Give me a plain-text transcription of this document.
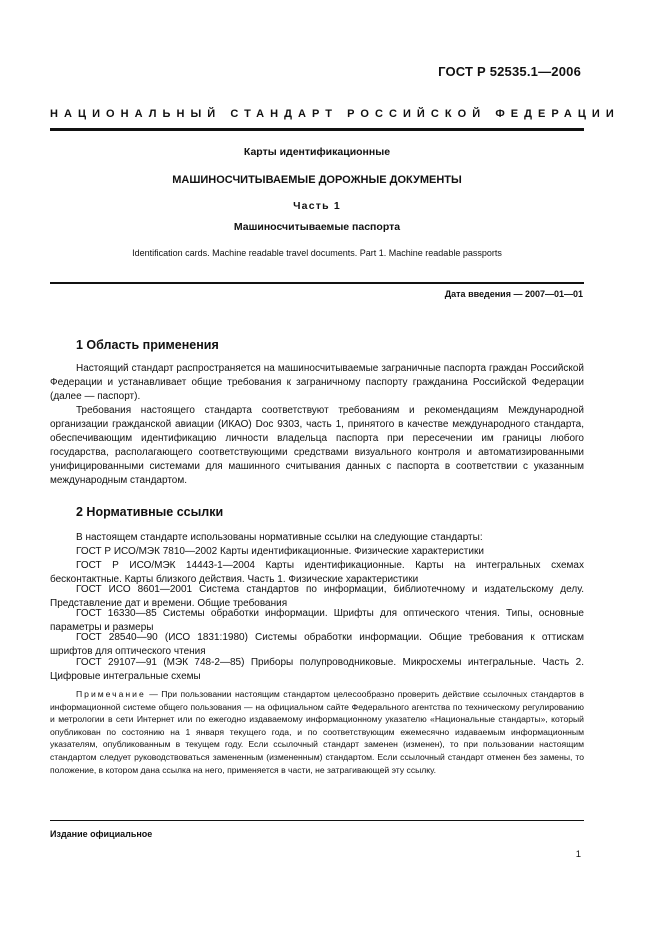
ГОСТ Р 52535.1—2006
НАЦИОНАЛЬНЫЙ СТАНДАРТ РОССИЙСКОЙ ФЕДЕРАЦИИ
Карты идентификационные
МАШИНОСЧИТЫВАЕМЫЕ ДОРОЖНЫЕ ДОКУМЕНТЫ
Часть 1
Машиносчитываемые паспорта
Identification cards. Machine readable travel documents. Part 1. Machine readable passports
Дата введения — 2007—01—01
1 Область применения

Настоящий стандарт распространяется на машиносчитываемые заграничные паспорта граждан Российской Федерации и устанавливает общие требования к заграничному паспорту гражданина Российской Федерации (далее — паспорт).

Требования настоящего стандарта соответствуют требованиям и рекомендациям Международной организации гражданской авиации (ИКАО) Doc 9303, часть 1, принятого в качестве международного стандарта, обеспечивающим идентификацию личности владельца паспорта при пересечении им границы любого государства, располагающего соответствующими средствами визуального контроля и автоматизированными унифицированными системами для машинного считывания данных с паспорта в соответствии с указанным международным стандартом.

2 Нормативные ссылки

В настоящем стандарте использованы нормативные ссылки на следующие стандарты:

ГОСТ Р ИСО/МЭК 7810—2002 Карты идентификационные. Физические характеристики

ГОСТ Р ИСО/МЭК 14443-1—2004 Карты идентификационные. Карты на интегральных схемах бесконтактные. Карты близкого действия. Часть 1. Физические характеристики

ГОСТ ИСО 8601—2001 Система стандартов по информации, библиотечному и издательскому делу. Представление дат и времени. Общие требования

ГОСТ 16330—85 Системы обработки информации. Шрифты для оптического чтения. Типы, основные параметры и размеры

ГОСТ 28540—90 (ИСО 1831:1980) Системы обработки информации. Общие требования к оттискам шрифтов для оптического чтения

ГОСТ 29107—91 (МЭК 748-2—85) Приборы полупроводниковые. Микросхемы интегральные. Часть 2. Цифровые интегральные схемы

Примечание — При пользовании настоящим стандартом целесообразно проверить действие ссылочных стандартов в информационной системе общего пользования — на официальном сайте Федерального агентства по техническому регулированию и метрологии в сети Интернет или по ежегодно издаваемому информационному указателю «Национальные стандарты», который опубликован по состоянию на 1 января текущего года, и по соответствующим ежемесячно издаваемым информационным указателям, опубликованным в текущем году. Если ссылочный стандарт заменен (изменен), то при пользовании настоящим стандартом следует руководствоваться замененным (измененным) стандартом. Если ссылочный стандарт отменен без замены, то положение, в котором дана ссылка на него, применяется в части, не затрагивающей эту ссылку.

Издание официальное
1
